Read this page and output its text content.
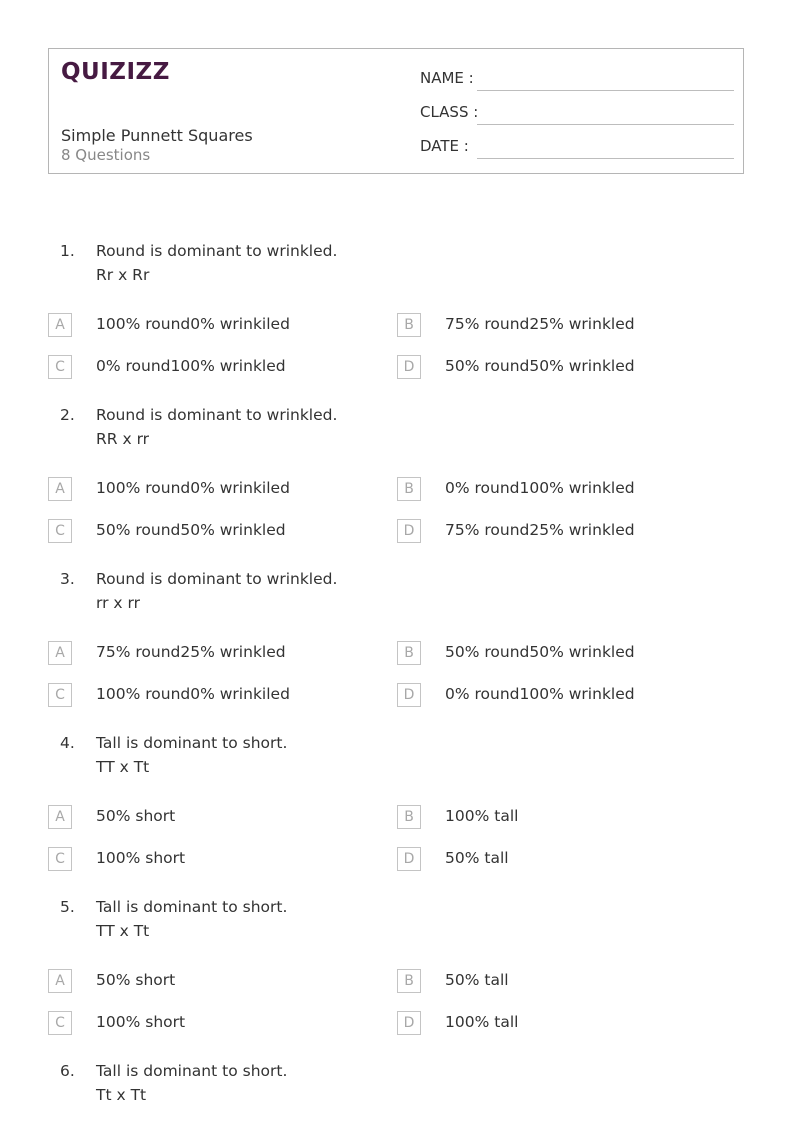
QUIZIZZ
Simple Punnett Squares
8 Questions
NAME :
CLASS :
DATE :
1. Round is dominant to wrinkled.
Rr x Rr
A	100% round0% wrinkiled	B	75% round25% wrinkled
C	0% round100% wrinkled	D	50% round50% wrinkled
2. Round is dominant to wrinkled.
RR x rr
A	100% round0% wrinkiled	B	0% round100% wrinkled
C	50% round50% wrinkled	D	75% round25% wrinkled
3. Round is dominant to wrinkled.
rr x rr
A	75% round25% wrinkled	B	50% round50% wrinkled
C	100% round0% wrinkiled	D	0% round100% wrinkled
4. Tall is dominant to short.
TT x Tt
A	50% short	B	100% tall
C	100% short	D	50% tall
5. Tall is dominant to short.
TT x Tt
A	50% short	B	50% tall
C	100% short	D	100% tall
6. Tall is dominant to short.
Tt x Tt
